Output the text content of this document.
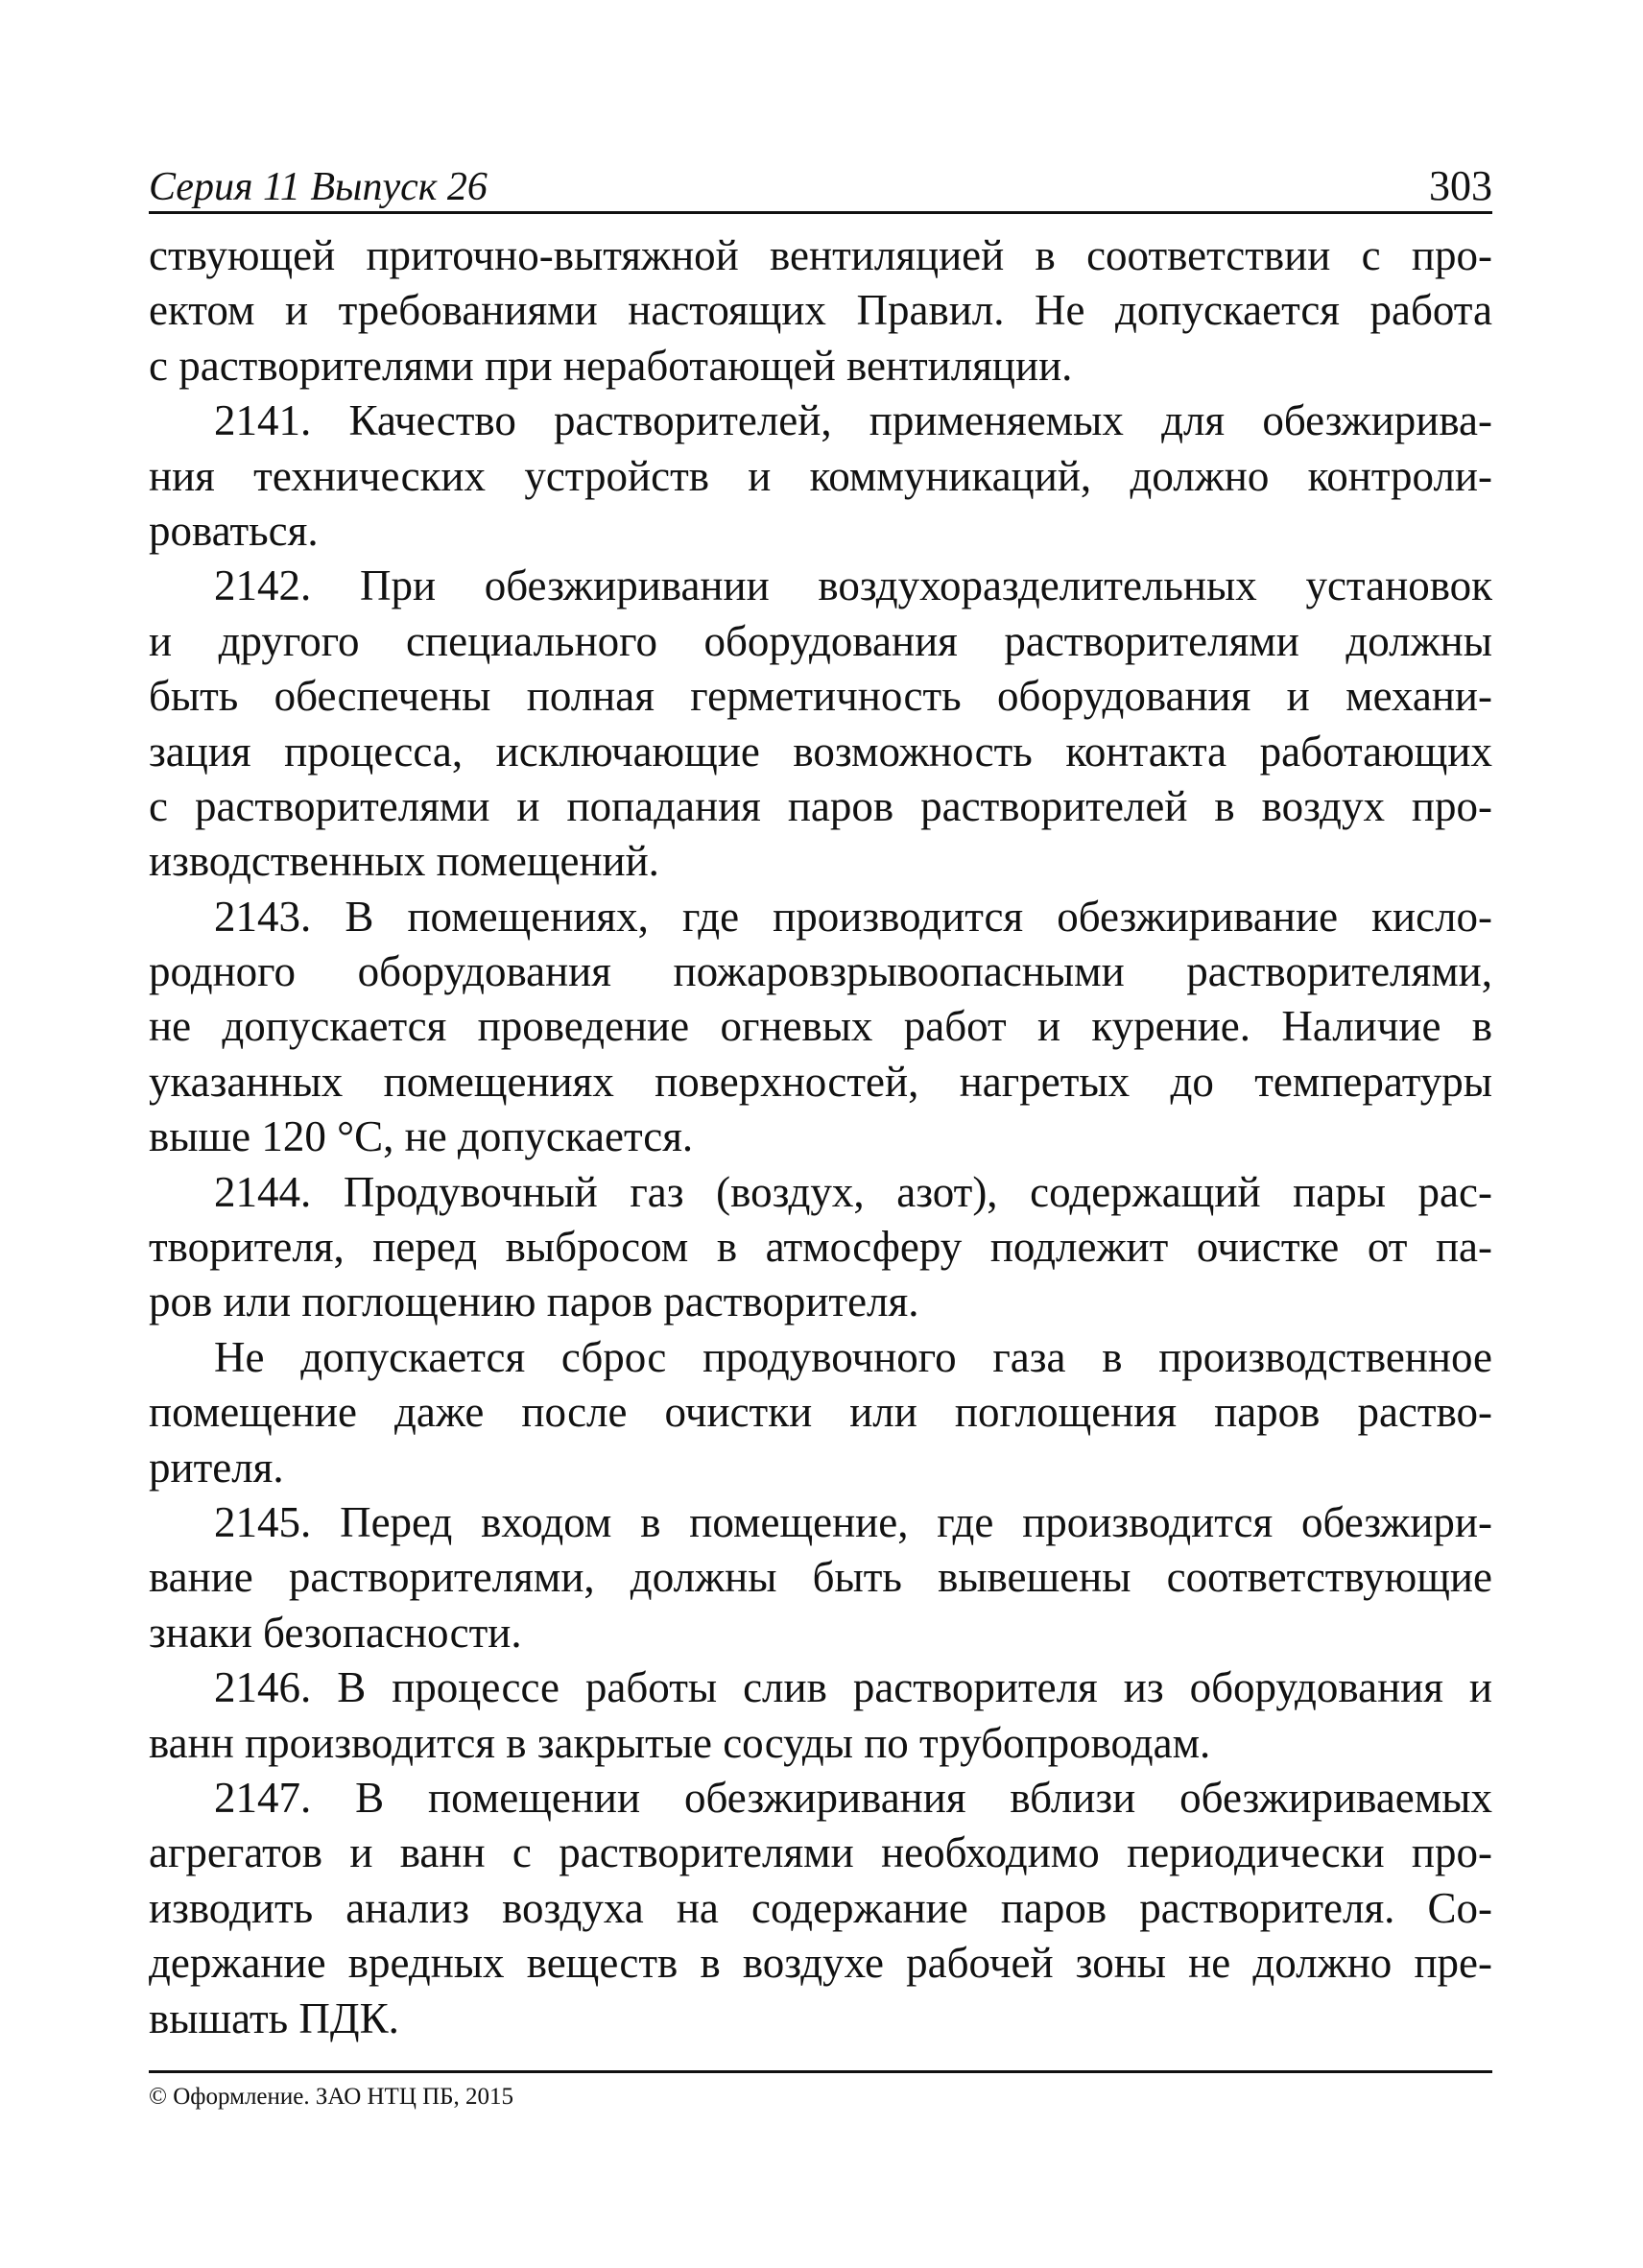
Серия 11 Выпуск 26	303
ствующей приточно-вытяжной вентиляцией в соответствии с про-
ектом и требованиями настоящих Правил. Не допускается работа
с растворителями при неработающей вентиляции.
2141. Качество растворителей, применяемых для обезжирива-
ния технических устройств и коммуникаций, должно контроли-
роваться.
2142. При обезжиривании воздухоразделительных установок
и другого специального оборудования растворителями должны
быть обеспечены полная герметичность оборудования и механи-
зация процесса, исключающие возможность контакта работающих
с растворителями и попадания паров растворителей в воздух про-
изводственных помещений.
2143. В помещениях, где производится обезжиривание кисло-
родного оборудования пожаровзрывоопасными растворителями,
не допускается проведение огневых работ и курение. Наличие в
указанных помещениях поверхностей, нагретых до температуры
выше 120 °С, не допускается.
2144. Продувочный газ (воздух, азот), содержащий пары рас-
творителя, перед выбросом в атмосферу подлежит очистке от па-
ров или поглощению паров растворителя.
Не допускается сброс продувочного газа в производственное
помещение даже после очистки или поглощения паров раство-
рителя.
2145. Перед входом в помещение, где производится обезжири-
вание растворителями, должны быть вывешены соответствующие
знаки безопасности.
2146. В процессе работы слив растворителя из оборудования и
ванн производится в закрытые сосуды по трубопроводам.
2147. В помещении обезжиривания вблизи обезжириваемых
агрегатов и ванн с растворителями необходимо периодически про-
изводить анализ воздуха на содержание паров растворителя. Со-
держание вредных веществ в воздухе рабочей зоны не должно пре-
вышать ПДК.
© Оформление. ЗАО НТЦ ПБ, 2015
